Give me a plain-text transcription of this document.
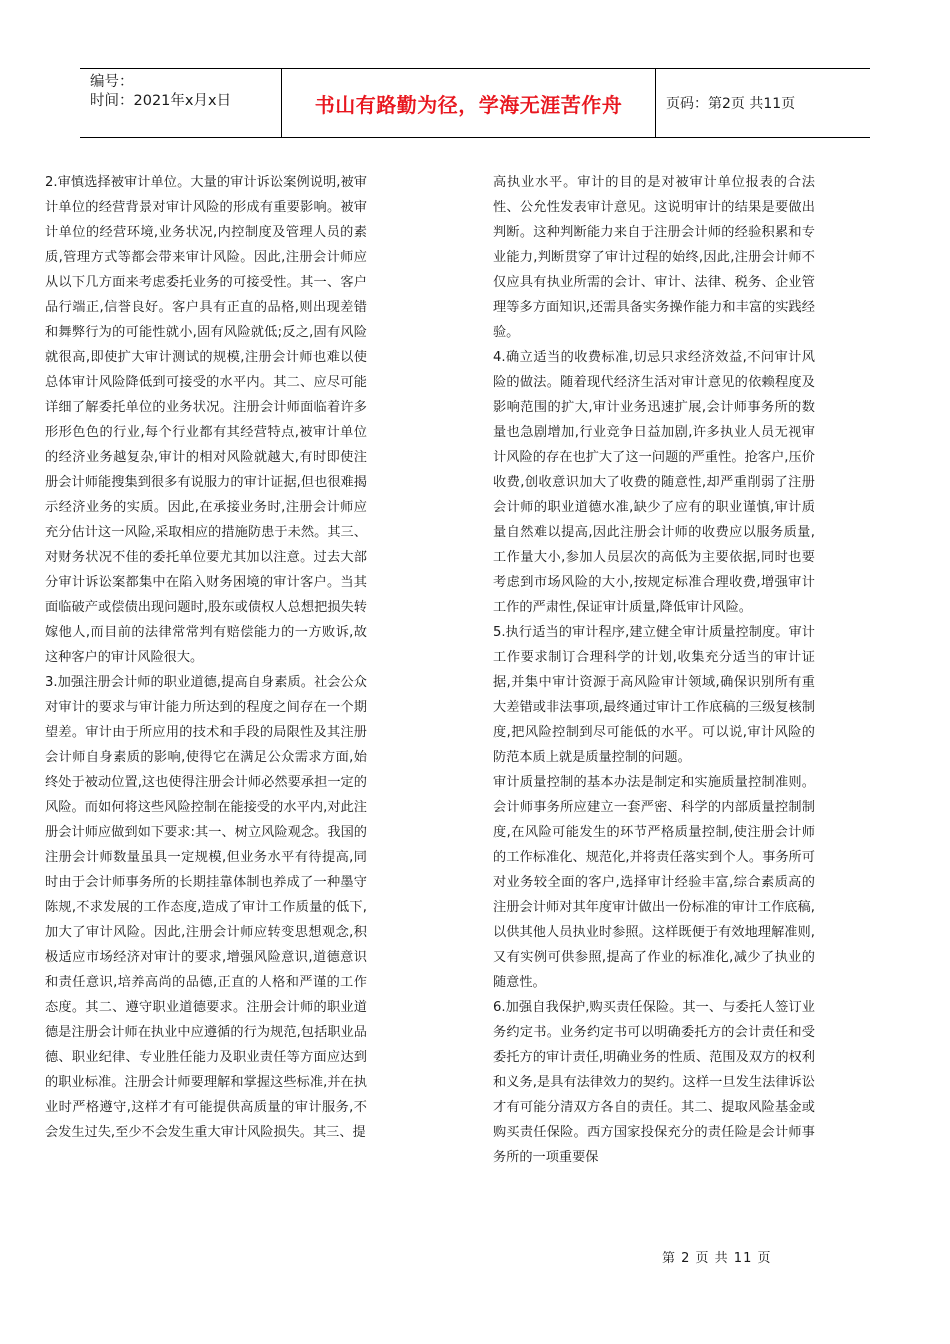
编号：
时间：2021年x月x日	书山有路勤为径，学海无涯苦作舟	页码：第2页 共11页

2.审慎选择被审计单位。大量的审计诉讼案例说明,被审计单位的经营背景对审计风险的形成有重要影响。被审计单位的经营环境,业务状况,内控制度及管理人员的素质,管理方式等都会带来审计风险。因此,注册会计师应从以下几方面来考虑委托业务的可接受性。其一、客户品行端正,信誉良好。客户具有正直的品格,则出现差错和舞弊行为的可能性就小,固有风险就低;反之,固有风险就很高,即使扩大审计测试的规模,注册会计师也难以使总体审计风险降低到可接受的水平内。其二、应尽可能详细了解委托单位的业务状况。注册会计师面临着许多形形色色的行业,每个行业都有其经营特点,被审计单位的经济业务越复杂,审计的相对风险就越大,有时即使注册会计师能搜集到很多有说服力的审计证据,但也很难揭示经济业务的实质。因此,在承接业务时,注册会计师应充分估计这一风险,采取相应的措施防患于未然。其三、对财务状况不佳的委托单位要尤其加以注意。过去大部分审计诉讼案都集中在陷入财务困境的审计客户。当其面临破产或偿债出现问题时,股东或债权人总想把损失转嫁他人,而目前的法律常常判有赔偿能力的一方败诉,故这种客户的审计风险很大。

3.加强注册会计师的职业道德,提高自身素质。社会公众对审计的要求与审计能力所达到的程度之间存在一个期望差。审计由于所应用的技术和手段的局限性及其注册会计师自身素质的影响,使得它在满足公众需求方面,始终处于被动位置,这也使得注册会计师必然要承担一定的风险。而如何将这些风险控制在能接受的水平内,对此注册会计师应做到如下要求:其一、树立风险观念。我国的注册会计师数量虽具一定规模,但业务水平有待提高,同时由于会计师事务所的长期挂靠体制也养成了一种墨守陈规,不求发展的工作态度,造成了审计工作质量的低下,加大了审计风险。因此,注册会计师应转变思想观念,积极适应市场经济对审计的要求,增强风险意识,道德意识和责任意识,培养高尚的品德,正直的人格和严谨的工作态度。其二、遵守职业道德要求。注册会计师的职业道德是注册会计师在执业中应遵循的行为规范,包括职业品德、职业纪律、专业胜任能力及职业责任等方面应达到的职业标准。注册会计师要理解和掌握这些标准,并在执业时严格遵守,这样才有可能提供高质量的审计服务,不会发生过失,至少不会发生重大审计风险损失。其三、提

高执业水平。审计的目的是对被审计单位报表的合法性、公允性发表审计意见。这说明审计的结果是要做出判断。这种判断能力来自于注册会计师的经验积累和专业能力,判断贯穿了审计过程的始终,因此,注册会计师不仅应具有执业所需的会计、审计、法律、税务、企业管理等多方面知识,还需具备实务操作能力和丰富的实践经验。

4.确立适当的收费标准,切忌只求经济效益,不问审计风险的做法。随着现代经济生活对审计意见的依赖程度及影响范围的扩大,审计业务迅速扩展,会计师事务所的数量也急剧增加,行业竞争日益加剧,许多执业人员无视审计风险的存在也扩大了这一问题的严重性。抢客户,压价收费,创收意识加大了收费的随意性,却严重削弱了注册会计师的职业道德水准,缺少了应有的职业谨慎,审计质量自然难以提高,因此注册会计师的收费应以服务质量,工作量大小,参加人员层次的高低为主要依据,同时也要考虑到市场风险的大小,按规定标准合理收费,增强审计工作的严肃性,保证审计质量,降低审计风险。

5.执行适当的审计程序,建立健全审计质量控制度。审计工作要求制订合理科学的计划,收集充分适当的审计证据,并集中审计资源于高风险审计领域,确保识别所有重大差错或非法事项,最终通过审计工作底稿的三级复核制度,把风险控制到尽可能低的水平。可以说,审计风险的防范本质上就是质量控制的问题。

审计质量控制的基本办法是制定和实施质量控制准则。会计师事务所应建立一套严密、科学的内部质量控制制度,在风险可能发生的环节严格质量控制,使注册会计师的工作标准化、规范化,并将责任落实到个人。事务所可对业务较全面的客户,选择审计经验丰富,综合素质高的注册会计师对其年度审计做出一份标准的审计工作底稿,以供其他人员执业时参照。这样既便于有效地理解准则,又有实例可供参照,提高了作业的标准化,减少了执业的随意性。

6.加强自我保护,购买责任保险。其一、与委托人签订业务约定书。业务约定书可以明确委托方的会计责任和受委托方的审计责任,明确业务的性质、范围及双方的权利和义务,是具有法律效力的契约。这样一旦发生法律诉讼才有可能分清双方各自的责任。其二、提取风险基金或购买责任保险。西方国家投保充分的责任险是会计师事务所的一项重要保

第 2 页 共 11 页
